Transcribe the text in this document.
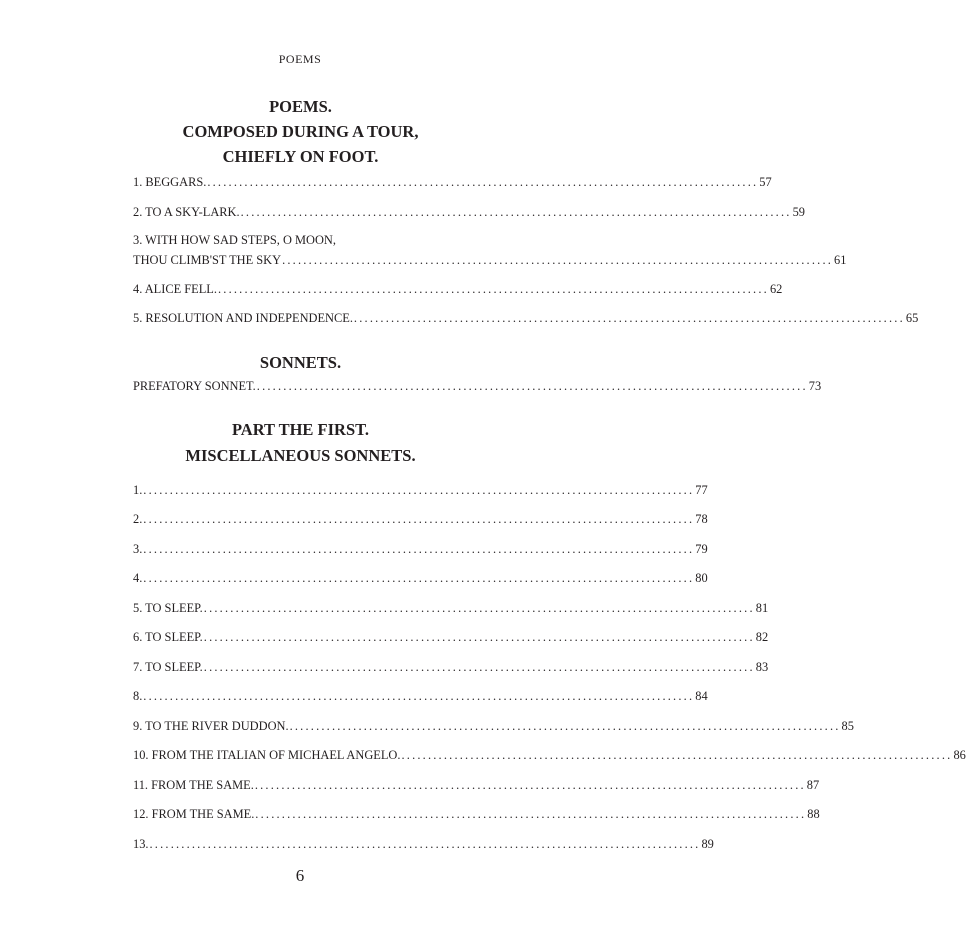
POEMS

POEMS.

COMPOSED DURING A TOUR,

CHIEFLY ON FOOT.

1. BEGGARS. ........................................................................................................ 57
2. TO A SKY-LARK. ........................................................................................................ 59
3. WITH HOW SAD STEPS, O MOON,
THOU CLIMB'ST THE SKY ........................................................................................................ 61
4. ALICE FELL. ........................................................................................................ 62
5. RESOLUTION AND INDEPENDENCE. ........................................................................................................ 65

SONNETS.

PREFATORY SONNET. ........................................................................................................ 73

PART THE FIRST.

MISCELLANEOUS SONNETS.

1. ........................................................................................................ 77
2. ........................................................................................................ 78
3. ........................................................................................................ 79
4. ........................................................................................................ 80
5. TO SLEEP. ........................................................................................................ 81
6. TO SLEEP. ........................................................................................................ 82
7. TO SLEEP. ........................................................................................................ 83
8. ........................................................................................................ 84
9. TO THE RIVER DUDDON. ........................................................................................................ 85
10. FROM THE ITALIAN OF MICHAEL ANGELO. ........................................................................................................ 86
11. FROM THE SAME. ........................................................................................................ 87
12. FROM THE SAME. ........................................................................................................ 88
13. ........................................................................................................ 89
6
